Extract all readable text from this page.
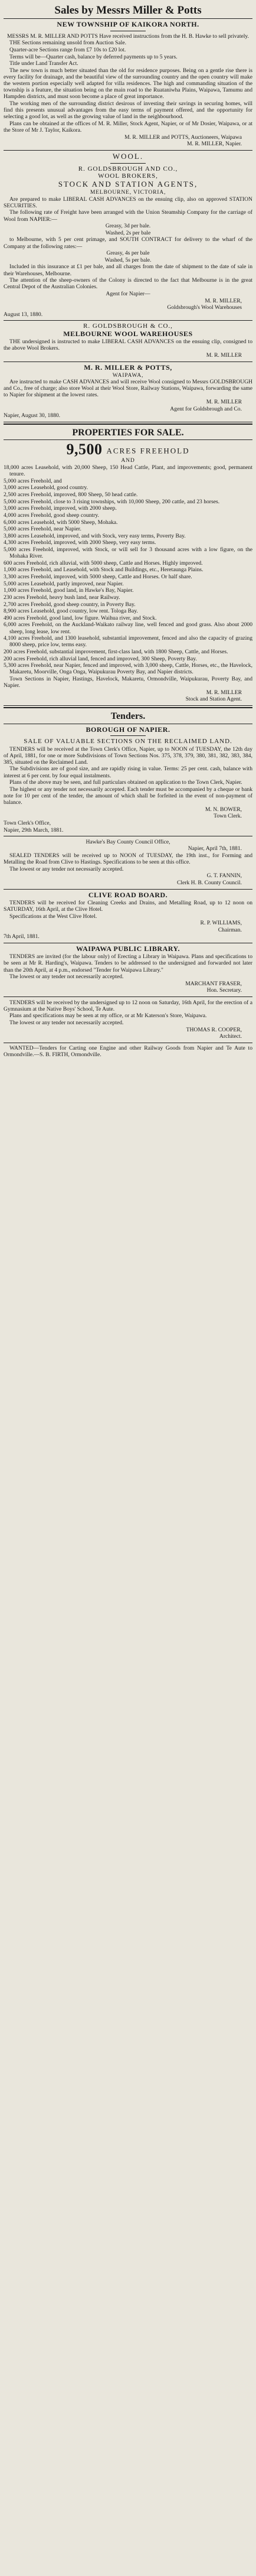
Sales by Messrs Miller & Potts
NEW TOWNSHIP OF KAIKORA NORTH.

MESSRS M. R. MILLER AND POTTS Have received instructions from the H. B. Hawke to sell privately.

THE Sections remaining unsold from Auction Sale.

Quarter-acre Sections range from £7 10s to £20 lot.

Terms will be—Quarter cash, balance by deferred payments up to 5 years.

Title under Land Transfer Act.

The new town is much better situated than the old for residence purposes. Being on a gentle rise there is every facility for drainage, and the beautiful view of the surrounding country and the open country will make the western portion especially well adapted for villa residences. The high and commanding situation of the township is a feature, the situation being on the main road to the Ruataniwha Plains, Waipawa, Tamumu and Hampden districts, and must soon become a place of great importance.

The working men of the surrounding district desirous of investing their savings in securing homes, will find this presents unusual advantages from the easy terms of payment offered, and the opportunity for selecting a good lot, as well as the growing value of land in the neighbourhood.

Plans can be obtained at the offices of M. R. Miller, Stock Agent, Napier, or of Mr Dosier, Waipawa, or at the Store of Mr J. Taylor, Kaikora.

M. R. MILLER and POTTS, Auctioneers, Waipawa

M. R. MILLER, Napier.

WOOL.
R. GOLDSBROUGH AND CO.,
WOOL BROKERS,
STOCK AND STATION AGENTS,
MELBOURNE, VICTORIA,

Are prepared to make LIBERAL CASH ADVANCES on the ensuing clip, also on approved STATION SECURITIES.

The following rate of Freight have been arranged with the Union Steamship Company for the carriage of Wool from NAPIER:—

Greasy, 3d per bale.

Washed, 2s per bale

to Melbourne, with 5 per cent primage, and SOUTH CONTRACT for delivery to the wharf of the Company at the following rates:—

Greasy, 4s per bale

Washed, 5s per bale.

Included in this insurance at £1 per bale, and all charges from the date of shipment to the date of sale in their Warehouses, Melbourne.

The attention of the sheep-owners of the Colony is directed to the fact that Melbourne is in the great Central Depot of the Australian Colonies.

Agent for Napier—

M. R. MILLER,

Goldsbrough's Wool Warehouses

August 13, 1880.

R. GOLDSBROUGH & CO.,
MELBOURNE WOOL WAREHOUSES

THE undersigned is instructed to make LIBERAL CASH ADVANCES on the ensuing clip, consigned to the above Wool Brokers.

M. R. MILLER

M. R. MILLER & POTTS,
WAIPAWA,

Are instructed to make CASH ADVANCES and will receive Wool consigned to Messrs GOLDSBROUGH and Co., free of charge; also store Wool at their Wool Store, Railway Stations, Waipawa, forwarding the same to Napier for shipment at the lowest rates.

M. R. MILLER

Agent for Goldsbrough and Co.

Napier, August 30, 1880.

PROPERTIES FOR SALE.
9,500 ACRES FREEHOLD
AND

18,000 acres Leasehold, with 20,000 Sheep, 150 Head Cattle, Plant, and improvements; good, permanent tenure.

5,000 acres Freehold, and

3,000 acres Leasehold, good country.

2,500 acres Freehold, improved, 800 Sheep, 50 head cattle.

5,000 acres Freehold, close to 3 rising townships, with 10,000 Sheep, 200 cattle, and 23 horses.

3,000 acres Freehold, improved, with 2000 sheep.

4,000 acres Freehold, good sheep country.

6,000 acres Leasehold, with 5000 Sheep, Mohaka.

5,000 acres Freehold, near Napier.

3,800 acres Leasehold, improved, and with Stock, very easy terms, Poverty Bay.

4,300 acres Freehold, improved, with 2000 Sheep, very easy terms.

5,000 acres Freehold, improved, with Stock, or will sell for 3 thousand acres with a low figure, on the Mohaka River.

600 acres Freehold, rich alluvial, with 5000 sheep, Cattle and Horses. Highly improved.

1,000 acres Freehold, and Leasehold, with Stock and Buildings, etc., Heretaunga Plains.

3,300 acres Freehold, improved, with 5000 sheep, Cattle and Horses. Or half share.

5,000 acres Leasehold, partly improved, near Napier.

1,000 acres Freehold, good land, in Hawke's Bay, Napier.

230 acres Freehold, heavy bush land, near Railway.

2,700 acres Freehold, good sheep country, in Poverty Bay.

8,900 acres Leasehold, good country, low rent. Tologa Bay.

490 acres Freehold, good land, low figure. Waihua river, and Stock.

6,000 acres Freehold, on the Auckland-Waikato railway line, well fenced and good grass. Also about 2000 sheep, long lease, low rent.

4,100 acres Freehold, and 1300 leasehold, substantial improvement, fenced and also the capacity of grazing 8000 sheep, price low, terms easy.

200 acres Freehold, substantial improvement, first-class land, with 1800 Sheep, Cattle, and Horses.

200 acres Freehold, rich alluvial land, fenced and improved, 300 Sheep, Poverty Bay.

5,300 acres Freehold, near Napier, fenced and improved, with 3,000 sheep, Cattle, Horses, etc., the Havelock, Makaretu, Moorville, Onga Onga, Waipukurau Poverty Bay, and Napier districts.

Town Sections in Napier, Hastings, Havelock, Makaretu, Ormondville, Waipukurau, Poverty Bay, and Napier.

M. R. MILLER

Stock and Station Agent.

Tenders.
BOROUGH OF NAPIER.
SALE OF VALUABLE SECTIONS ON THE RECLAIMED LAND.

TENDERS will be received at the Town Clerk's Office, Napier, up to NOON of TUESDAY, the 12th day of April, 1881, for one or more Subdivisions of Town Sections Nos. 375, 378, 379, 380, 381, 382, 383, 384, 385, situated on the Reclaimed Land.

The Subdivisions are of good size, and are rapidly rising in value. Terms: 25 per cent. cash, balance with interest at 6 per cent. by four equal instalments.

Plans of the above may be seen, and full particulars obtained on application to the Town Clerk, Napier.

The highest or any tender not necessarily accepted. Each tender must be accompanied by a cheque or bank note for 10 per cent of the tender, the amount of which shall be forfeited in the event of non-payment of balance.

M. N. BOWER,

Town Clerk.

Town Clerk's Office,

Napier, 29th March, 1881.

Hawke's Bay County Council Office,

Napier, April 7th, 1881.

SEALED TENDERS will be received up to NOON of TUESDAY, the 19th inst., for Forming and Metalling the Road from Clive to Hastings. Specifications to be seen at this office.

The lowest or any tender not necessarily accepted.

G. T. FANNIN,

Clerk H. B. County Council.

CLIVE ROAD BOARD.

TENDERS will be received for Cleaning Creeks and Drains, and Metalling Road, up to 12 noon on SATURDAY, 16th April, at the Clive Hotel.

Specifications at the West Clive Hotel.

R. P. WILLIAMS,

Chairman.

7th April, 1881.

WAIPAWA PUBLIC LIBRARY.

TENDERS are invited (for the labour only) of Erecting a Library in Waipawa. Plans and specifications to be seen at Mr R. Harding's, Waipawa. Tenders to be addressed to the undersigned and forwarded not later than the 20th April, at 4 p.m., endorsed "Tender for Waipawa Library."

The lowest or any tender not necessarily accepted.

MARCHANT FRASER,

Hon. Secretary.

TENDERS will be received by the undersigned up to 12 noon on Saturday, 16th April, for the erection of a Gymnasium at the Native Boys' School, Te Aute.

Plans and specifications may be seen at my office, or at Mr Katerson's Store, Waipawa.

The lowest or any tender not necessarily accepted.

THOMAS R. COOPER,

Architect.

WANTED—Tenders for Carting one Engine and other Railway Goods from Napier and Te Aute to Ormondville.—S. B. FIRTH, Ormondville.
